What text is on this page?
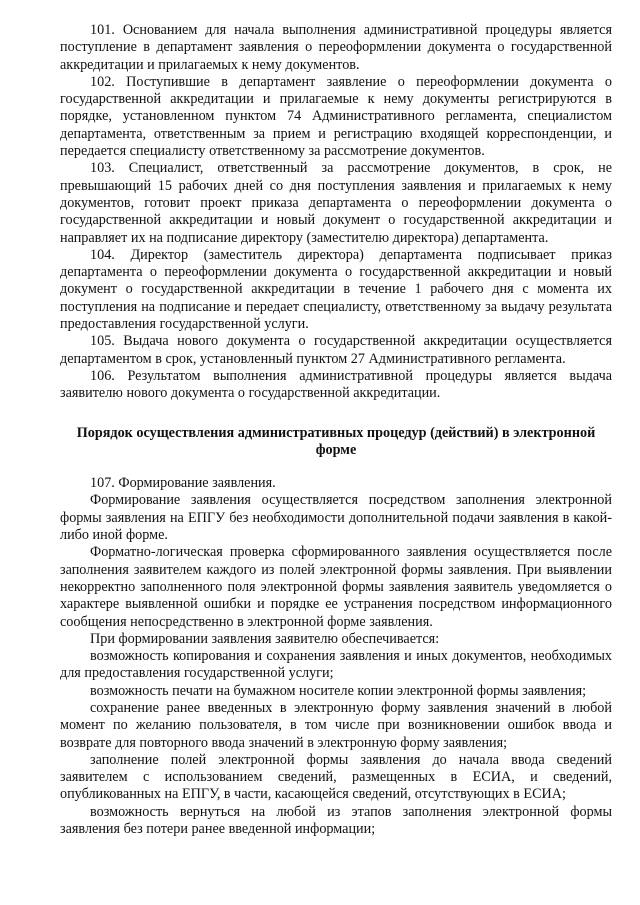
101. Основанием для начала выполнения административной процедуры является поступление в департамент заявления о переоформлении документа о государственной аккредитации и прилагаемых к нему документов.

102. Поступившие в департамент заявление о переоформлении документа о государственной аккредитации и прилагаемые к нему документы регистрируются в порядке, установленном пунктом 74 Административного регламента, специалистом департамента, ответственным за прием и регистрацию входящей корреспонденции, и передается специалисту ответственному за рассмотрение документов.

103. Специалист, ответственный за рассмотрение документов, в срок, не превышающий 15 рабочих дней со дня поступления заявления и прилагаемых к нему документов, готовит проект приказа департамента о переоформлении документа о государственной аккредитации и новый документ о государственной аккредитации и направляет их на подписание директору (заместителю директора) департамента.

104. Директор (заместитель директора) департамента подписывает приказ департамента о переоформлении документа о государственной аккредитации и новый документ о государственной аккредитации в течение 1 рабочего дня с момента их поступления на подписание и передает специалисту, ответственному за выдачу результата предоставления государственной услуги.

105. Выдача нового документа о государственной аккредитации осуществляется департаментом в срок, установленный пунктом 27 Административного регламента.

106. Результатом выполнения административной процедуры является выдача заявителю нового документа о государственной аккредитации.

Порядок осуществления административных процедур (действий) в электронной форме

107. Формирование заявления.

Формирование заявления осуществляется посредством заполнения электронной формы заявления на ЕПГУ без необходимости дополнительной подачи заявления в какой-либо иной форме.

Форматно-логическая проверка сформированного заявления осуществляется после заполнения заявителем каждого из полей электронной формы заявления. При выявлении некорректно заполненного поля электронной формы заявления заявитель уведомляется о характере выявленной ошибки и порядке ее устранения посредством информационного сообщения непосредственно в электронной форме заявления.

При формировании заявления заявителю обеспечивается:

возможность копирования и сохранения заявления и иных документов, необходимых для предоставления государственной услуги;

возможность печати на бумажном носителе копии электронной формы заявления;

сохранение ранее введенных в электронную форму заявления значений в любой момент по желанию пользователя, в том числе при возникновении ошибок ввода и возврате для повторного ввода значений в электронную форму заявления;

заполнение полей электронной формы заявления до начала ввода сведений заявителем с использованием сведений, размещенных в ЕСИА, и сведений, опубликованных на ЕПГУ, в части, касающейся сведений, отсутствующих в ЕСИА;

возможность вернуться на любой из этапов заполнения электронной формы заявления без потери ранее введенной информации;
